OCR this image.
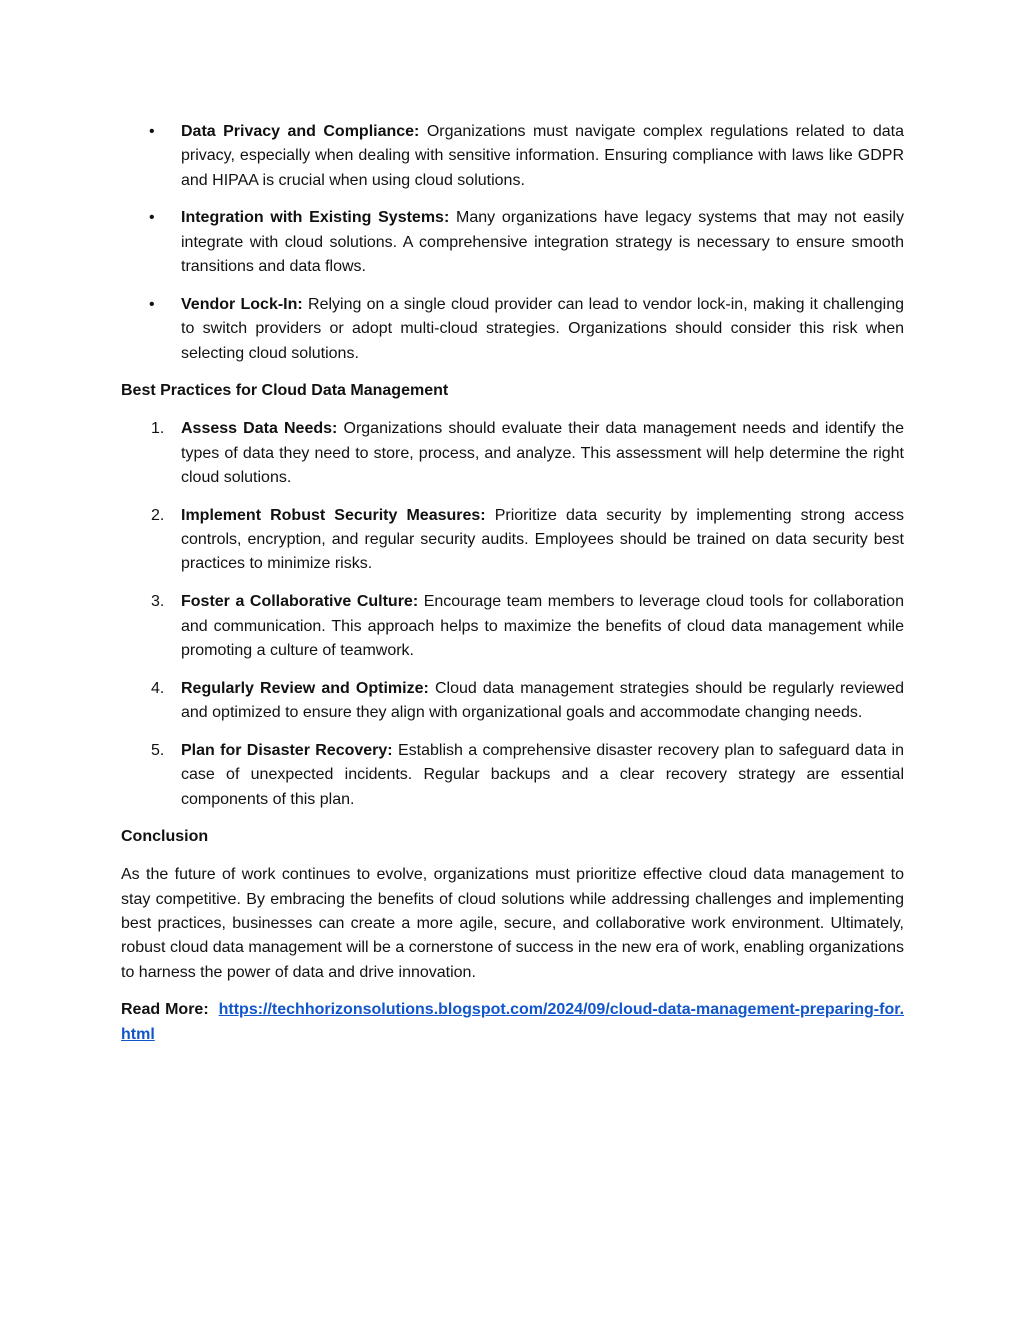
• Data Privacy and Compliance: Organizations must navigate complex regulations related to data privacy, especially when dealing with sensitive information. Ensuring compliance with laws like GDPR and HIPAA is crucial when using cloud solutions.
• Integration with Existing Systems: Many organizations have legacy systems that may not easily integrate with cloud solutions. A comprehensive integration strategy is necessary to ensure smooth transitions and data flows.
• Vendor Lock-In: Relying on a single cloud provider can lead to vendor lock-in, making it challenging to switch providers or adopt multi-cloud strategies. Organizations should consider this risk when selecting cloud solutions.
Best Practices for Cloud Data Management
1. Assess Data Needs: Organizations should evaluate their data management needs and identify the types of data they need to store, process, and analyze. This assessment will help determine the right cloud solutions.
2. Implement Robust Security Measures: Prioritize data security by implementing strong access controls, encryption, and regular security audits. Employees should be trained on data security best practices to minimize risks.
3. Foster a Collaborative Culture: Encourage team members to leverage cloud tools for collaboration and communication. This approach helps to maximize the benefits of cloud data management while promoting a culture of teamwork.
4. Regularly Review and Optimize: Cloud data management strategies should be regularly reviewed and optimized to ensure they align with organizational goals and accommodate changing needs.
5. Plan for Disaster Recovery: Establish a comprehensive disaster recovery plan to safeguard data in case of unexpected incidents. Regular backups and a clear recovery strategy are essential components of this plan.
Conclusion

As the future of work continues to evolve, organizations must prioritize effective cloud data management to stay competitive. By embracing the benefits of cloud solutions while addressing challenges and implementing best practices, businesses can create a more agile, secure, and collaborative work environment. Ultimately, robust cloud data management will be a cornerstone of success in the new era of work, enabling organizations to harness the power of data and drive innovation.

Read More: https://techhorizonsolutions.blogspot.com/2024/09/cloud-data-management-preparing-for.html
